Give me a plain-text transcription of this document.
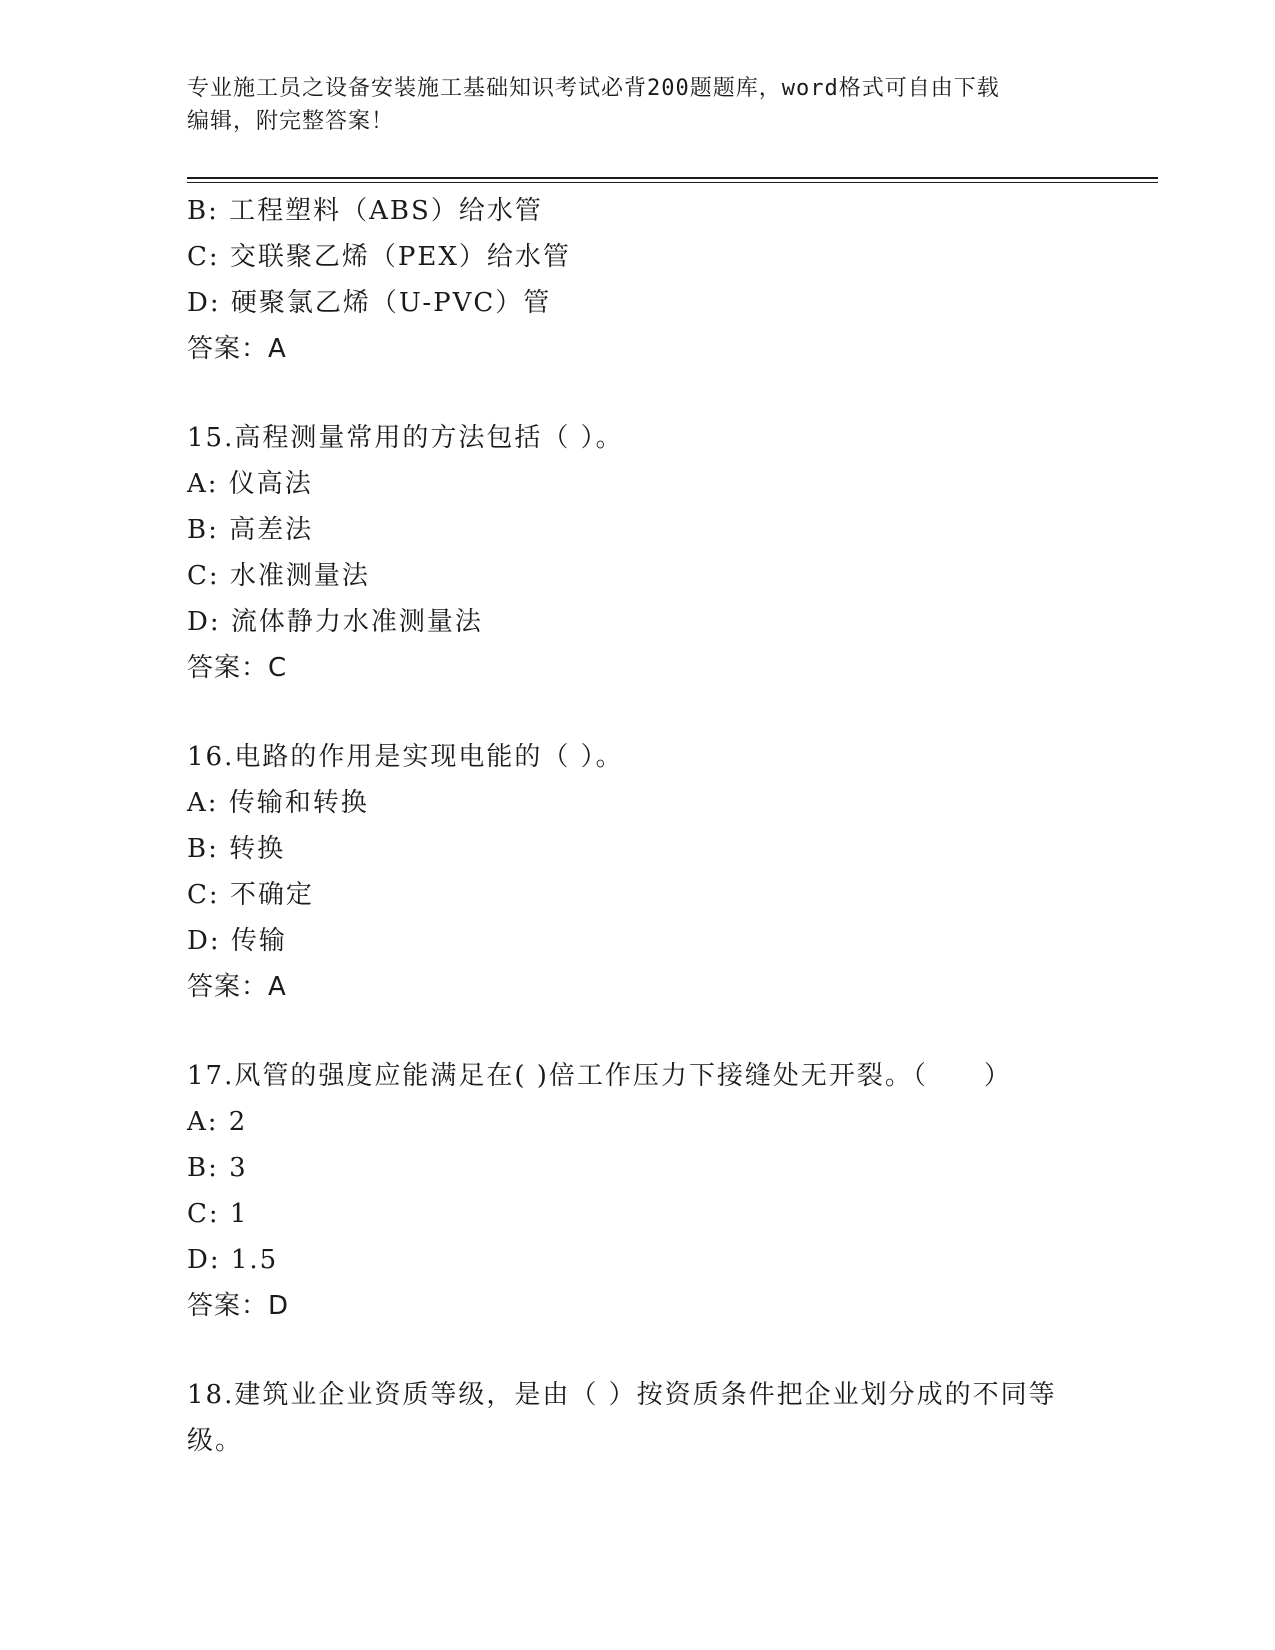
专业施工员之设备安装施工基础知识考试必背200题题库，word格式可自由下载
编辑，附完整答案！
B: 工程塑料（ABS）给水管
C: 交联聚乙烯（PEX）给水管
D: 硬聚氯乙烯（U-PVC）管
答案：A
15.高程测量常用的方法包括（ ）。
A: 仪高法
B: 高差法
C: 水准测量法
D: 流体静力水准测量法
答案：C
16.电路的作用是实现电能的（ ）。
A: 传输和转换
B: 转换
C: 不确定
D: 传输
答案：A
17.风管的强度应能满足在( )倍工作压力下接缝处无开裂。（　　）
A: 2
B: 3
C: 1
D: 1.5
答案：D
18.建筑业企业资质等级，是由（ ）按资质条件把企业划分成的不同等级。
